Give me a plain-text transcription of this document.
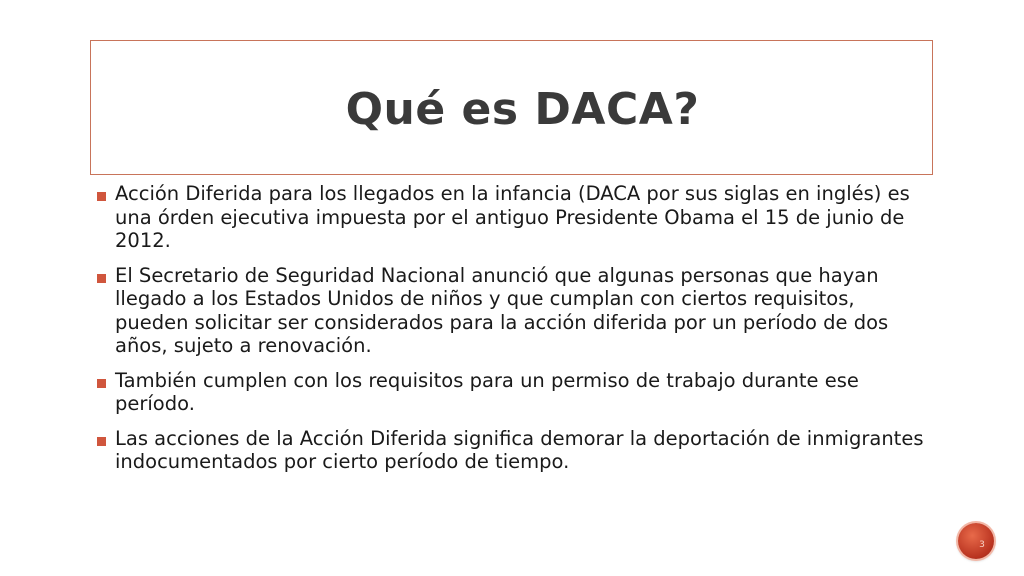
Qué es DACA?
Acción Diferida para los llegados en la infancia (DACA por sus siglas en inglés) es una órden ejecutiva impuesta por el antiguo Presidente Obama el 15 de junio de 2012.
El Secretario de Seguridad Nacional anunció que algunas personas que hayan llegado a los Estados Unidos de niños y que cumplan con ciertos requisitos, pueden solicitar ser considerados para la acción diferida por un período de dos años, sujeto a renovación.
También cumplen con los requisitos para un permiso de trabajo durante ese período.
Las acciones de la Acción Diferida significa demorar la deportación de inmigrantes indocumentados por cierto período de tiempo.
3
